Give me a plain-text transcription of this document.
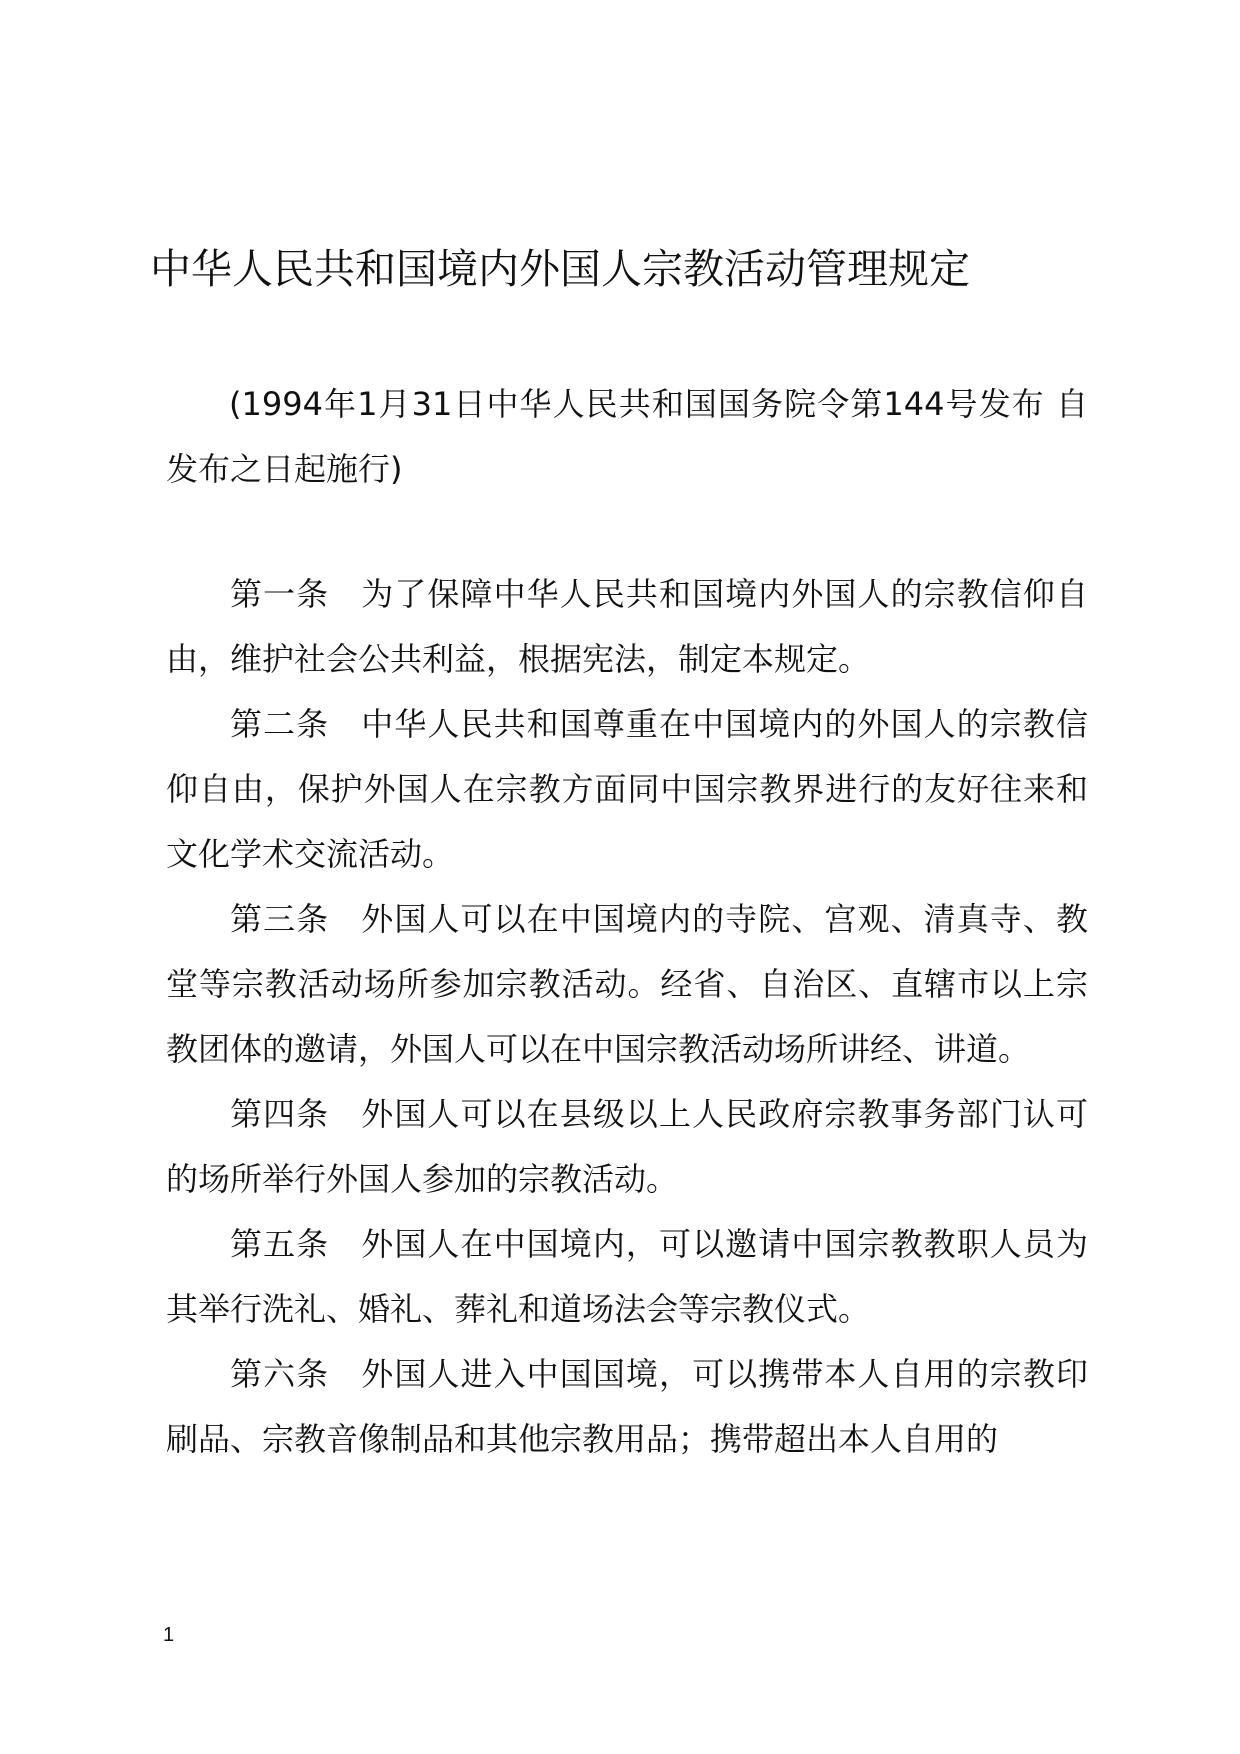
中华人民共和国境内外国人宗教活动管理规定
(1994年1月31日中华人民共和国国务院令第144号发布 自发布之日起施行)

第一条 为了保障中华人民共和国境内外国人的宗教信仰自由，维护社会公共利益，根据宪法，制定本规定。

第二条 中华人民共和国尊重在中国境内的外国人的宗教信仰自由，保护外国人在宗教方面同中国宗教界进行的友好往来和文化学术交流活动。

第三条 外国人可以在中国境内的寺院、宫观、清真寺、教堂等宗教活动场所参加宗教活动。经省、自治区、直辖市以上宗教团体的邀请，外国人可以在中国宗教活动场所讲经、讲道。

第四条 外国人可以在县级以上人民政府宗教事务部门认可的场所举行外国人参加的宗教活动。

第五条 外国人在中国境内，可以邀请中国宗教教职人员为其举行洗礼、婚礼、葬礼和道场法会等宗教仪式。

第六条 外国人进入中国国境，可以携带本人自用的宗教印刷品、宗教音像制品和其他宗教用品；携带超出本人自用的

1
